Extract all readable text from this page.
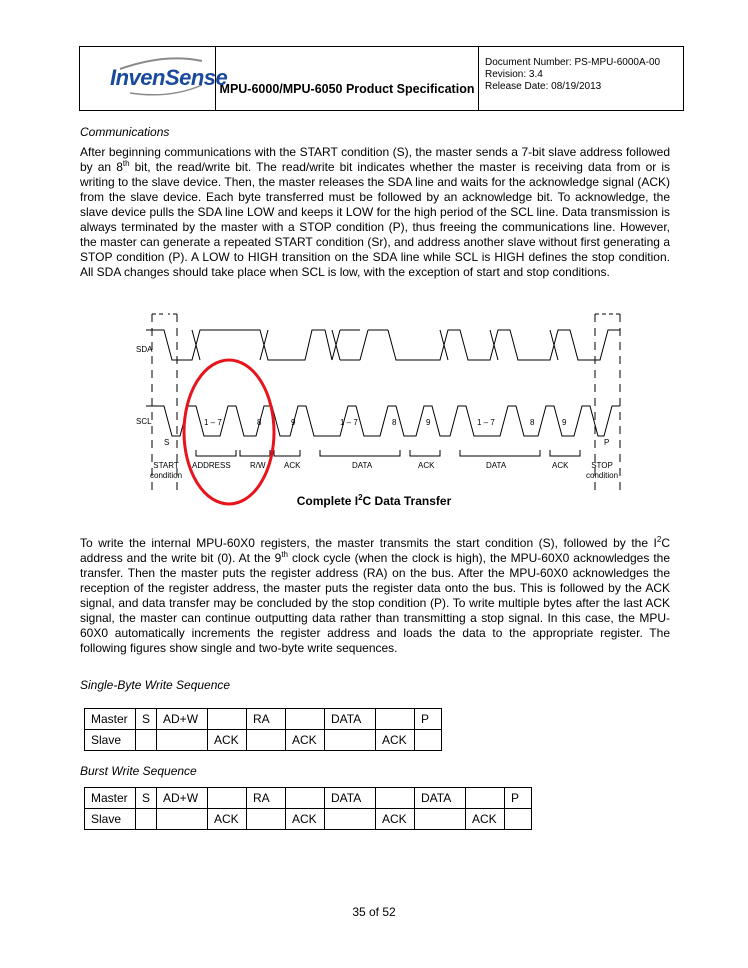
InvenSense
MPU-6000/MPU-6050 Product Specification
Document Number: PS-MPU-6000A-00
Revision: 3.4
Release Date: 08/19/2013
Communications
After beginning communications with the START condition (S), the master sends a 7-bit slave address followed by an 8th bit, the read/write bit. The read/write bit indicates whether the master is receiving data from or is writing to the slave device. Then, the master releases the SDA line and waits for the acknowledge signal (ACK) from the slave device. Each byte transferred must be followed by an acknowledge bit. To acknowledge, the slave device pulls the SDA line LOW and keeps it LOW for the high period of the SCL line. Data transmission is always terminated by the master with a STOP condition (P), thus freeing the communications line. However, the master can generate a repeated START condition (Sr), and address another slave without first generating a STOP condition (P). A LOW to HIGH transition on the SDA line while SCL is HIGH defines the stop condition. All SDA changes should take place when SCL is low, with the exception of start and stop conditions.
SDA
SCL
S	P
1 – 7	8	9	1 – 7	8	9	1 – 7	8	9
ADDRESS R/W ACK	DATA	ACK	DATA	ACK
START
condition
STOP
condition
Complete $I^2C$ Data Transfer
To write the internal MPU-60X0 registers, the master transmits the start condition (S), followed by the $I^2C$ address and the write bit (0). At the 9th clock cycle (when the clock is high), the MPU-60X0 acknowledges the transfer. Then the master puts the register address (RA) on the bus. After the MPU-60X0 acknowledges the reception of the register address, the master puts the register data onto the bus. This is followed by the ACK signal, and data transfer may be concluded by the stop condition (P). To write multiple bytes after the last ACK signal, the master can continue outputting data rather than transmitting a stop signal. In this case, the MPU-60X0 automatically increments the register address and loads the data to the appropriate register. The following figures show single and two-byte write sequences.
Single-Byte Write Sequence
Master	S	AD+W		RA		DATA		P
Slave			ACK		ACK		ACK	
Burst Write Sequence
Master	S	AD+W		RA		DATA		DATA		P
Slave			ACK		ACK		ACK		ACK	
35 of 52
